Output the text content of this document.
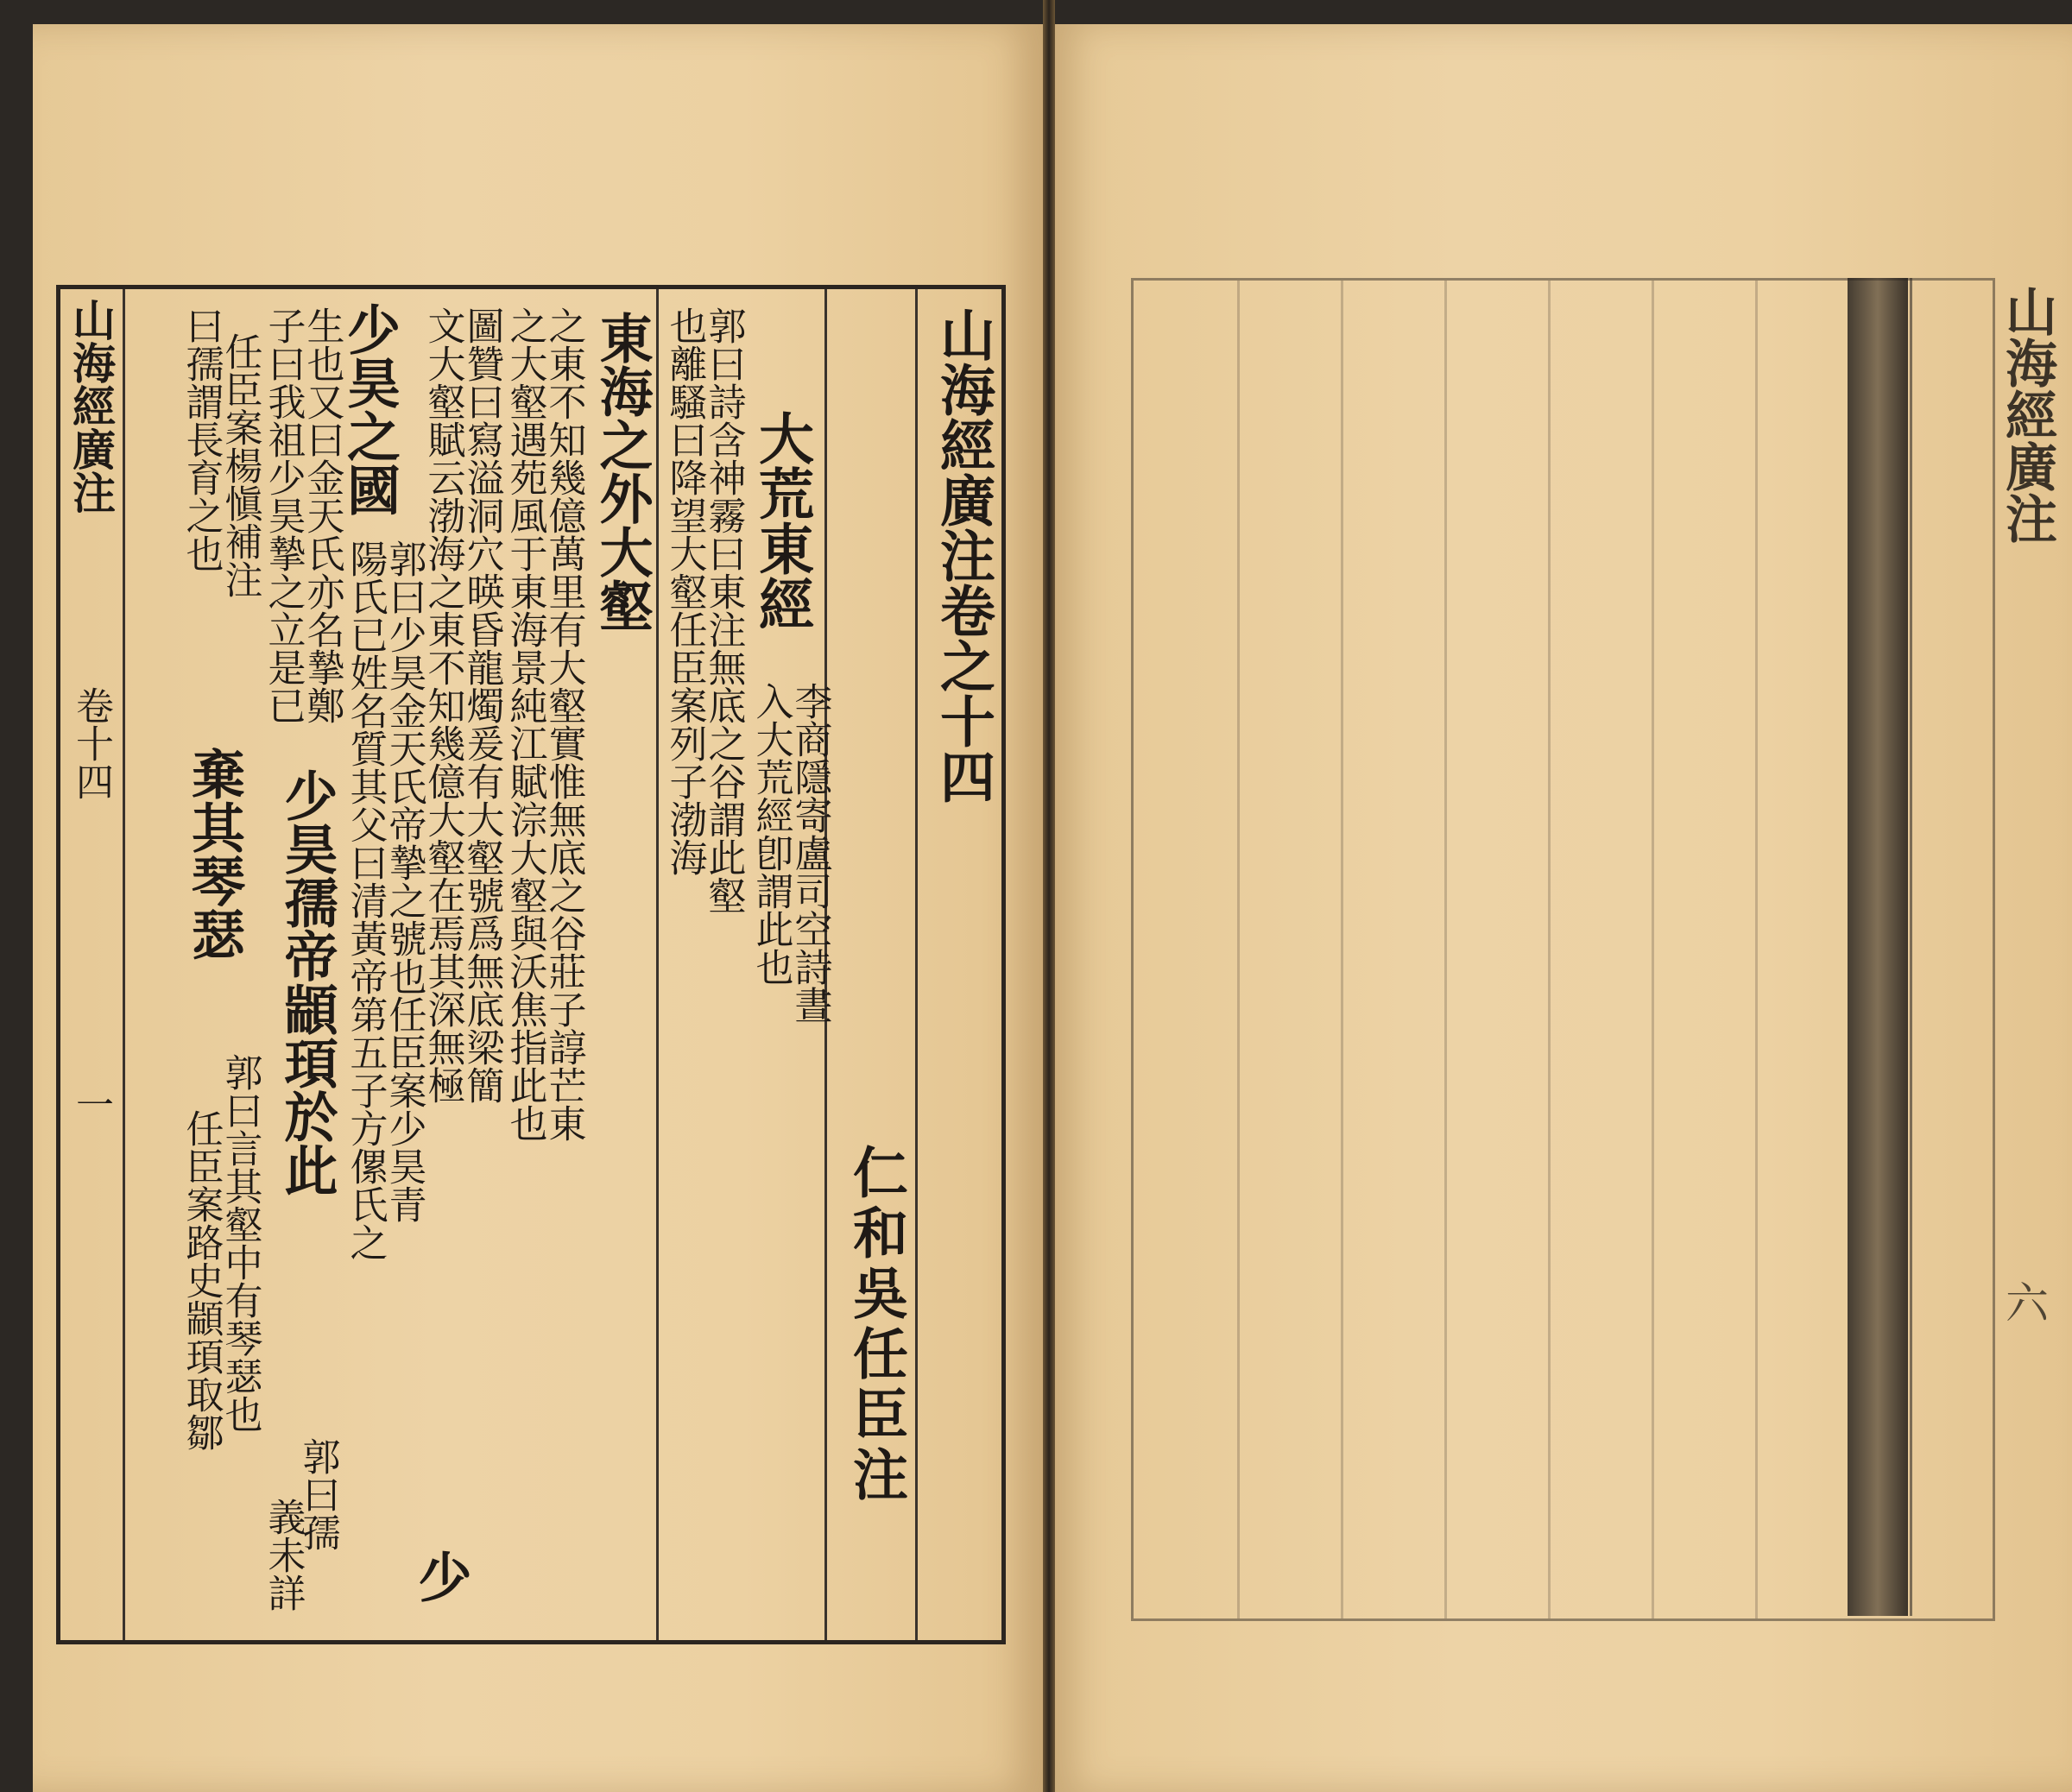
山海經廣注卷之十四
仁和吳任臣注
大荒東經
李商隱寄盧司空詩晝
入大荒經卽謂此也
郭曰詩含神霧曰東注無底之谷謂此壑
也離騷曰降望大壑任臣案列子渤海
東海之外大壑
之東不知幾億萬里有大壑實惟無底之谷莊子諄芒東
之大壑遇苑風于東海景純江賦淙大壑與沃焦指此也
圖贊曰寫溢洞穴暎昏龍燭爰有大壑號爲無底梁簡
文大壑賦云渤海之東不知幾億大壑在焉其深無極
少
少昊之國
郭曰少昊金天氏帝摯之號也任臣案少昊青
陽氏已姓名質其父曰清黃帝第五子方傫氏之
生也又曰金天氏亦名摯鄭
子曰我祖少昊摯之立是已
少昊孺帝顓頊於此
郭曰孺
義未詳
任臣案楊愼補注
曰孺謂長育之也
棄其琴瑟
郭曰言其壑中有琴瑟也
任臣案路史顓頊取鄒
山海經廣注
卷十四
一
山海經廣注
六
